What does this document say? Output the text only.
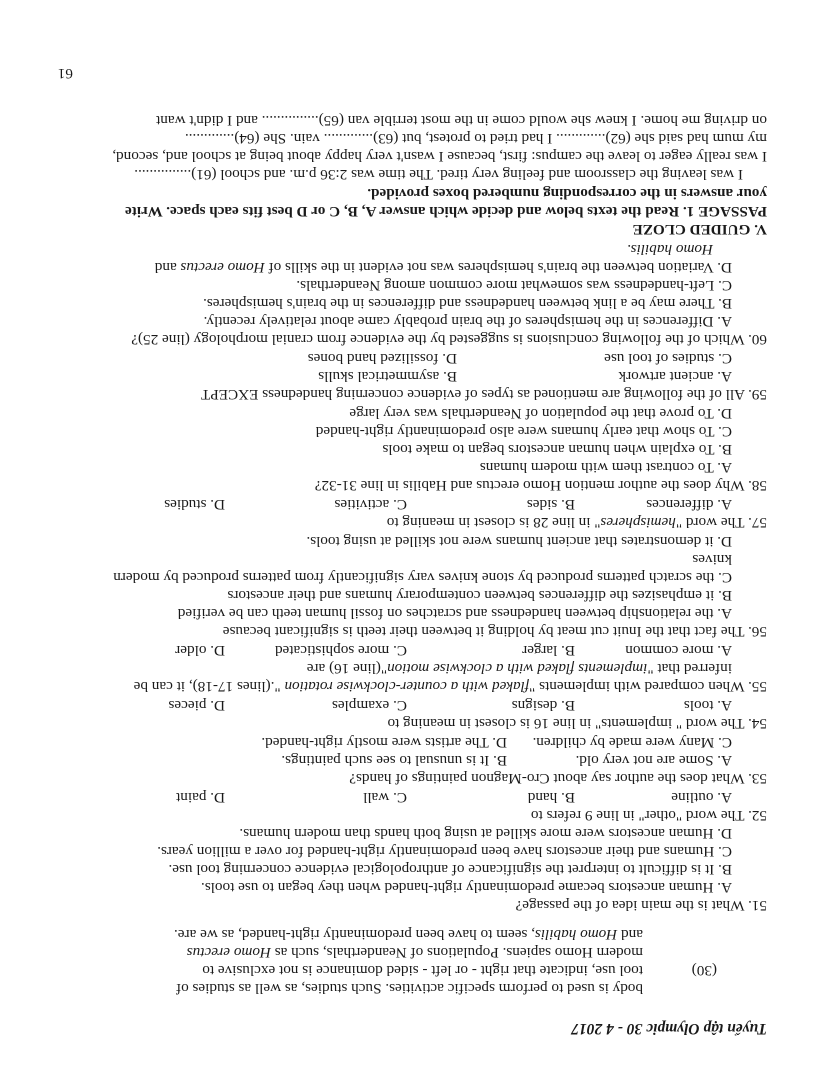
Tuyển tập Olympic 30 - 4 2017
body is used to perform specific activities. Such studies, as well as studies of
(30)
tool use, indicate that right - or left - sided dominance is not exclusive to
modern Homo sapiens. Populations of Neanderthals, such as Homo erectus
and Homo habilis, seem to have been predominantly right-handed, as we are.
51. What is the main idea of the passage?
A. Human ancestors became predominantly right-handed when they began to use tools.
B. It is difficult to interpret the significance of anthropological evidence concerning tool use.
C. Humans and their ancestors have been predominantly right-handed for over a million years.
D. Human ancestors were more skilled at using both hands than modern humans.
52. The word "other" in line 9 refers to
A. outline
B. hand
C. wall
D. paint
53. What does the author say about Cro-Magnon paintings of hands?
A. Some are not very old.
B. It is unusual to see such paintings.
C. Many were made by children.
D. The artists were mostly right-handed.
54. The word " implements" in line 16 is closest in meaning to
A. tools
B. designs
C. examples
D. pieces
55. When compared with implements "flaked with a counter-clockwise rotation ".(lines 17-18), it can be
inferred that "implements flaked with a clockwise motion"(line 16) are
A. more common
B. larger
C. more sophisticated
D. older
56. The fact that the Inuit cut meat by holding it between their teeth is significant because
A. the relationship between handedness and scratches on fossil human teeth can be verified
B. it emphasizes the differences between contemporary humans and their ancestors
C. the scratch patterns produced by stone knives vary significantly from patterns produced by modern
knives
D. it demonstrates that ancient humans were not skilled at using tools.
57. The word "hemispheres" in line 28 is closest in meaning to
A. differences
B. sides
C. activities
D. studies
58. Why does the author mention Homo erectus and Habilis in line 31-32?
A. To contrast them with modern humans
B. To explain when human ancestors began to make tools
C. To show that early humans were also predominantly right-handed
D. To prove that the population of Neanderthals was very large
59. All of the following are mentioned as types of evidence concerning handedness EXCEPT
A. ancient artwork
B. asymmetrical skulls
C. studies of tool use
D. fossilized hand bones
60. Which of the following conclusions is suggested by the evidence from cranial morphology (line 25)?
A. Differences in the hemispheres of the brain probably came about relatively recently.
B. There may be a link between handedness and differences in the brain's hemispheres.
C. Left-handedness was somewhat more common among Neanderthals.
D. Variation between the brain's hemispheres was not evident in the skills of Homo erectus and
Homo habilis.
V. GUIDED CLOZE
PASSAGE 1. Read the texts below and decide which answer A, B, C or D best fits each space. Write
your answers in the corresponding numbered boxes provided.
I was leaving the classroom and feeling very tired. The time was 2:36 p.m. and school (61)...............
I was really eager to leave the campus: first, because I wasn't very happy about being at school and, second,
my mum had said she (62)............. I had tried to protest, but (63)............. vain. She (64).............
on driving me home. I knew she would come in the most terrible van (65)............... and I didn't want
61
